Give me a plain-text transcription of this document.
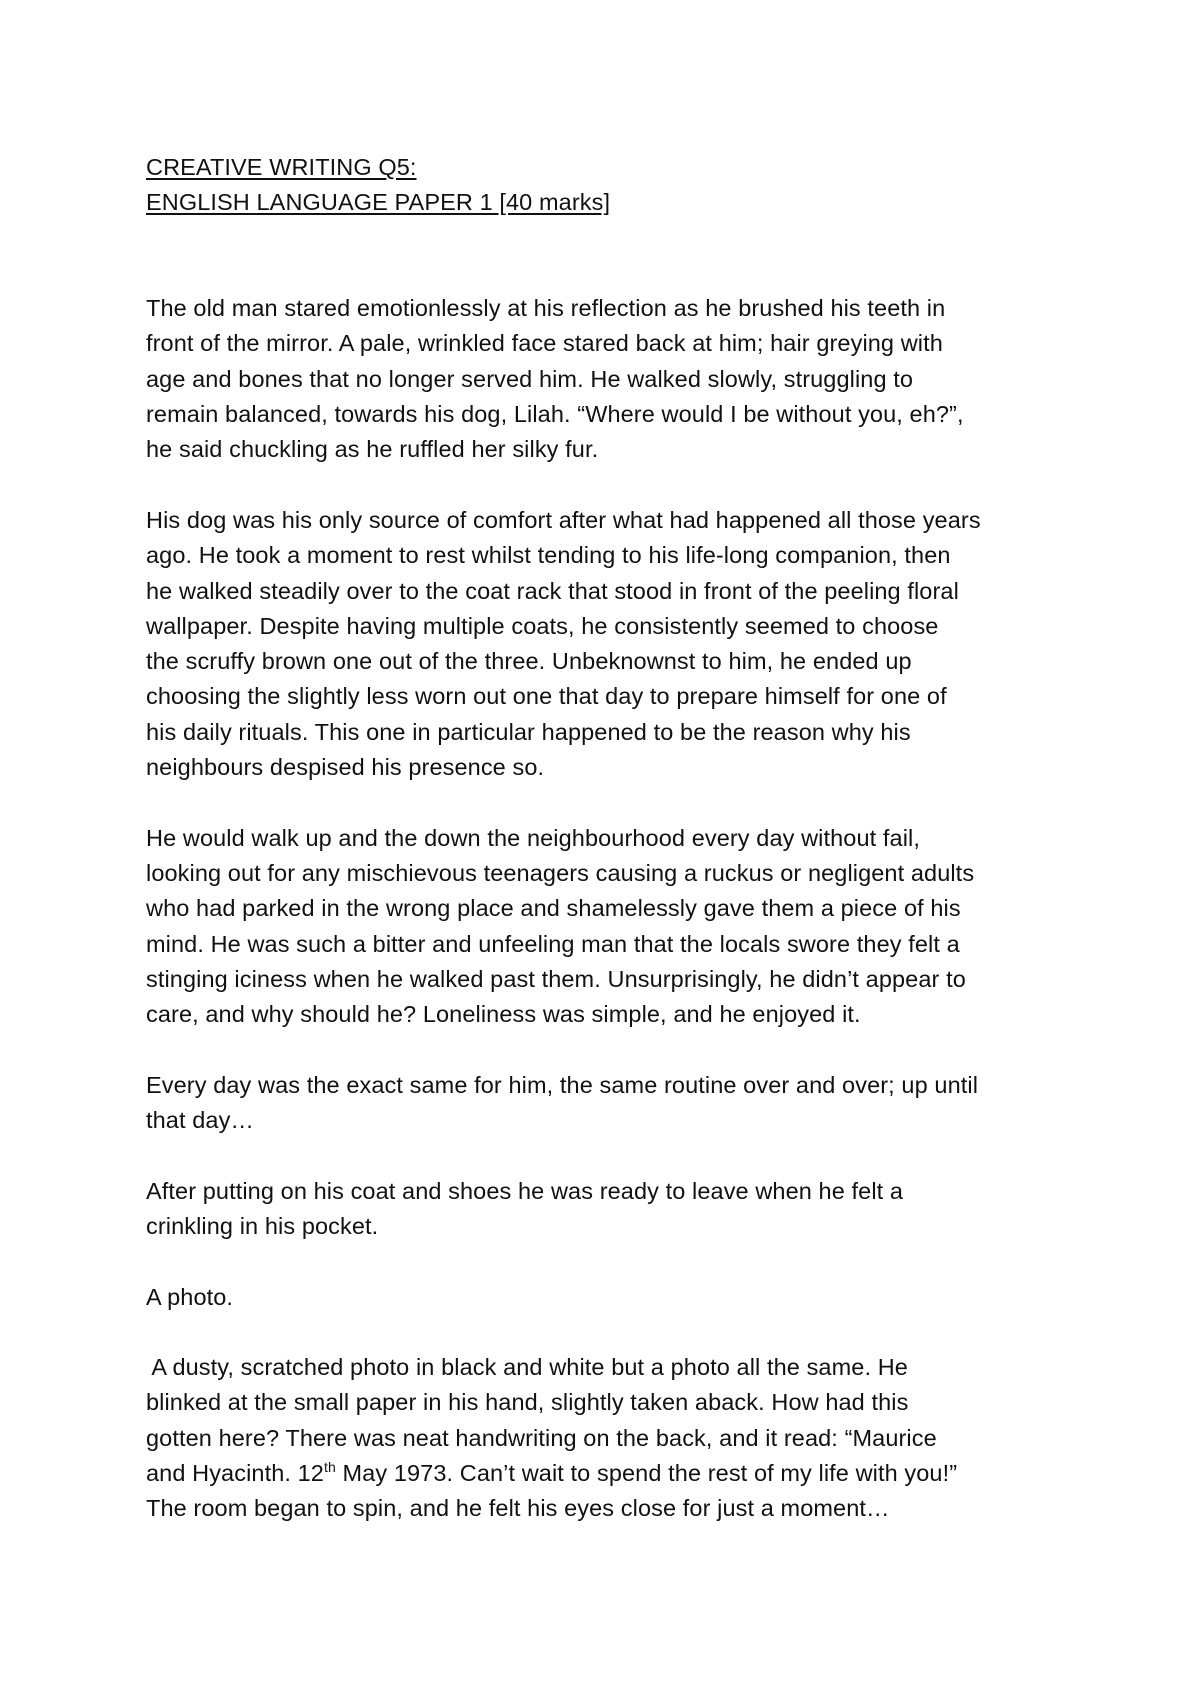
CREATIVE WRITING Q5:

ENGLISH LANGUAGE PAPER 1 [40 marks]

The old man stared emotionlessly at his reflection as he brushed his teeth in
front of the mirror. A pale, wrinkled face stared back at him; hair greying with
age and bones that no longer served him. He walked slowly, struggling to
remain balanced, towards his dog, Lilah. “Where would I be without you, eh?”,
he said chuckling as he ruffled her silky fur.

His dog was his only source of comfort after what had happened all those years
ago. He took a moment to rest whilst tending to his life-long companion, then
he walked steadily over to the coat rack that stood in front of the peeling floral
wallpaper. Despite having multiple coats, he consistently seemed to choose
the scruffy brown one out of the three. Unbeknownst to him, he ended up
choosing the slightly less worn out one that day to prepare himself for one of
his daily rituals. This one in particular happened to be the reason why his
neighbours despised his presence so.

He would walk up and the down the neighbourhood every day without fail,
looking out for any mischievous teenagers causing a ruckus or negligent adults
who had parked in the wrong place and shamelessly gave them a piece of his
mind. He was such a bitter and unfeeling man that the locals swore they felt a
stinging iciness when he walked past them. Unsurprisingly, he didn’t appear to
care, and why should he? Loneliness was simple, and he enjoyed it.

Every day was the exact same for him, the same routine over and over; up until
that day…

After putting on his coat and shoes he was ready to leave when he felt a
crinkling in his pocket.

A photo.

A dusty, scratched photo in black and white but a photo all the same. He
blinked at the small paper in his hand, slightly taken aback. How had this
gotten here? There was neat handwriting on the back, and it read: “Maurice
and Hyacinth. 12th May 1973. Can’t wait to spend the rest of my life with you!”
The room began to spin, and he felt his eyes close for just a moment…
